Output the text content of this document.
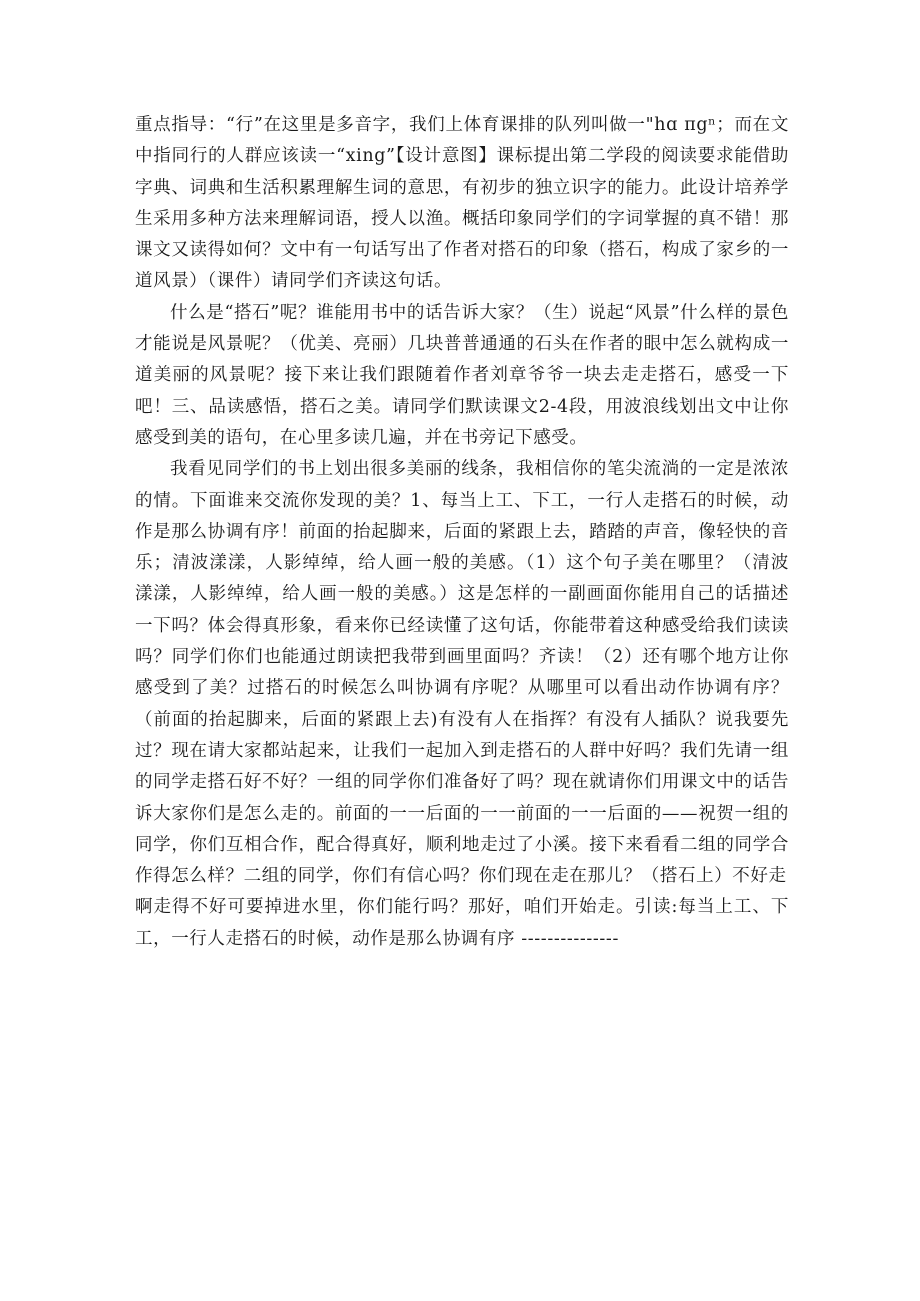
重点指导：“行”在这里是多音字，我们上体育课排的队列叫做一"hɑ πgⁿ；而在文中指同行的人群应该读一“xing”【设计意图】课标提出第二学段的阅读要求能借助字典、词典和生活积累理解生词的意思，有初步的独立识字的能力。此设计培养学生采用多种方法来理解词语，授人以渔。概括印象同学们的字词掌握的真不错！那课文又读得如何？文中有一句话写出了作者对搭石的印象（搭石，构成了家乡的一道风景）（课件）请同学们齐读这句话。

什么是“搭石”呢？谁能用书中的话告诉大家？（生）说起“风景”什么样的景色才能说是风景呢？（优美、亮丽）几块普普通通的石头在作者的眼中怎么就构成一道美丽的风景呢？接下来让我们跟随着作者刘章爷爷一块去走走搭石，感受一下吧！三、品读感悟，搭石之美。请同学们默读课文2-4段，用波浪线划出文中让你感受到美的语句，在心里多读几遍，并在书旁记下感受。

我看见同学们的书上划出很多美丽的线条，我相信你的笔尖流淌的一定是浓浓的情。下面谁来交流你发现的美？1、每当上工、下工，一行人走搭石的时候，动作是那么协调有序！前面的抬起脚来，后面的紧跟上去，踏踏的声音，像轻快的音乐；清波漾漾，人影绰绰，给人画一般的美感。（1）这个句子美在哪里？（清波漾漾，人影绰绰，给人画一般的美感。）这是怎样的一副画面你能用自己的话描述一下吗？体会得真形象，看来你已经读懂了这句话，你能带着这种感受给我们读读吗？同学们你们也能通过朗读把我带到画里面吗？齐读！（2）还有哪个地方让你感受到了美？过搭石的时候怎么叫协调有序呢？从哪里可以看出动作协调有序？（前面的抬起脚来，后面的紧跟上去)有没有人在指挥？有没有人插队？说我要先过？现在请大家都站起来，让我们一起加入到走搭石的人群中好吗？我们先请一组的同学走搭石好不好？一组的同学你们准备好了吗？现在就请你们用课文中的话告诉大家你们是怎么走的。前面的一一后面的一一前面的一一后面的——祝贺一组的同学，你们互相合作，配合得真好，顺利地走过了小溪。接下来看看二组的同学合作得怎么样？二组的同学，你们有信心吗？你们现在走在那儿？（搭石上）不好走

啊走得不好可要掉进水里，你们能行吗？那好，咱们开始走。引读:每当上工、下工，一行人走搭石的时候，动作是那么协调有序 ---------------
